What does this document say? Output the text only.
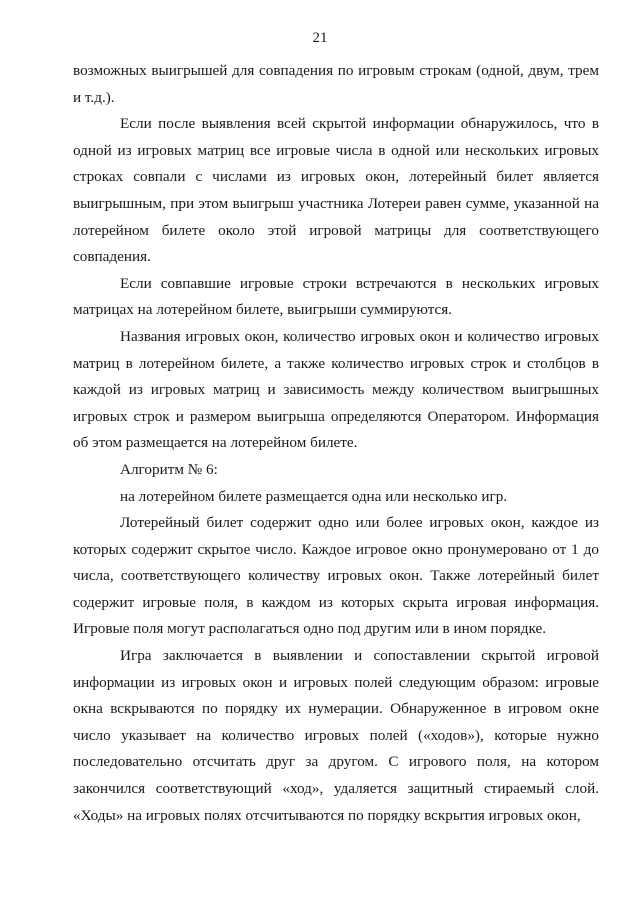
21

возможных выигрышей для совпадения по игровым строкам (одной, двум, трем и т.д.).

Если после выявления всей скрытой информации обнаружилось, что в одной из игровых матриц все игровые числа в одной или нескольких игровых строках совпали с числами из игровых окон, лотерейный билет является выигрышным, при этом выигрыш участника Лотереи равен сумме, указанной на лотерейном билете около этой игровой матрицы для соответствующего совпадения.

Если совпавшие игровые строки встречаются в нескольких игровых матрицах на лотерейном билете, выигрыши суммируются.

Названия игровых окон, количество игровых окон и количество игровых матриц в лотерейном билете, а также количество игровых строк и столбцов в каждой из игровых матриц и зависимость между количеством выигрышных игровых строк и размером выигрыша определяются Оператором. Информация об этом размещается на лотерейном билете.

Алгоритм № 6:

на лотерейном билете размещается одна или несколько игр.

Лотерейный билет содержит одно или более игровых окон, каждое из которых содержит скрытое число. Каждое игровое окно пронумеровано от 1 до числа, соответствующего количеству игровых окон. Также лотерейный билет содержит игровые поля, в каждом из которых скрыта игровая информация. Игровые поля могут располагаться одно под другим или в ином порядке.

Игра заключается в выявлении и сопоставлении скрытой игровой информации из игровых окон и игровых полей следующим образом: игровые окна вскрываются по порядку их нумерации. Обнаруженное в игровом окне число указывает на количество игровых полей («ходов»), которые нужно последовательно отсчитать друг за другом. С игрового поля, на котором закончился соответствующий «ход», удаляется защитный стираемый слой. «Ходы» на игровых полях отсчитываются по порядку вскрытия игровых окон,
